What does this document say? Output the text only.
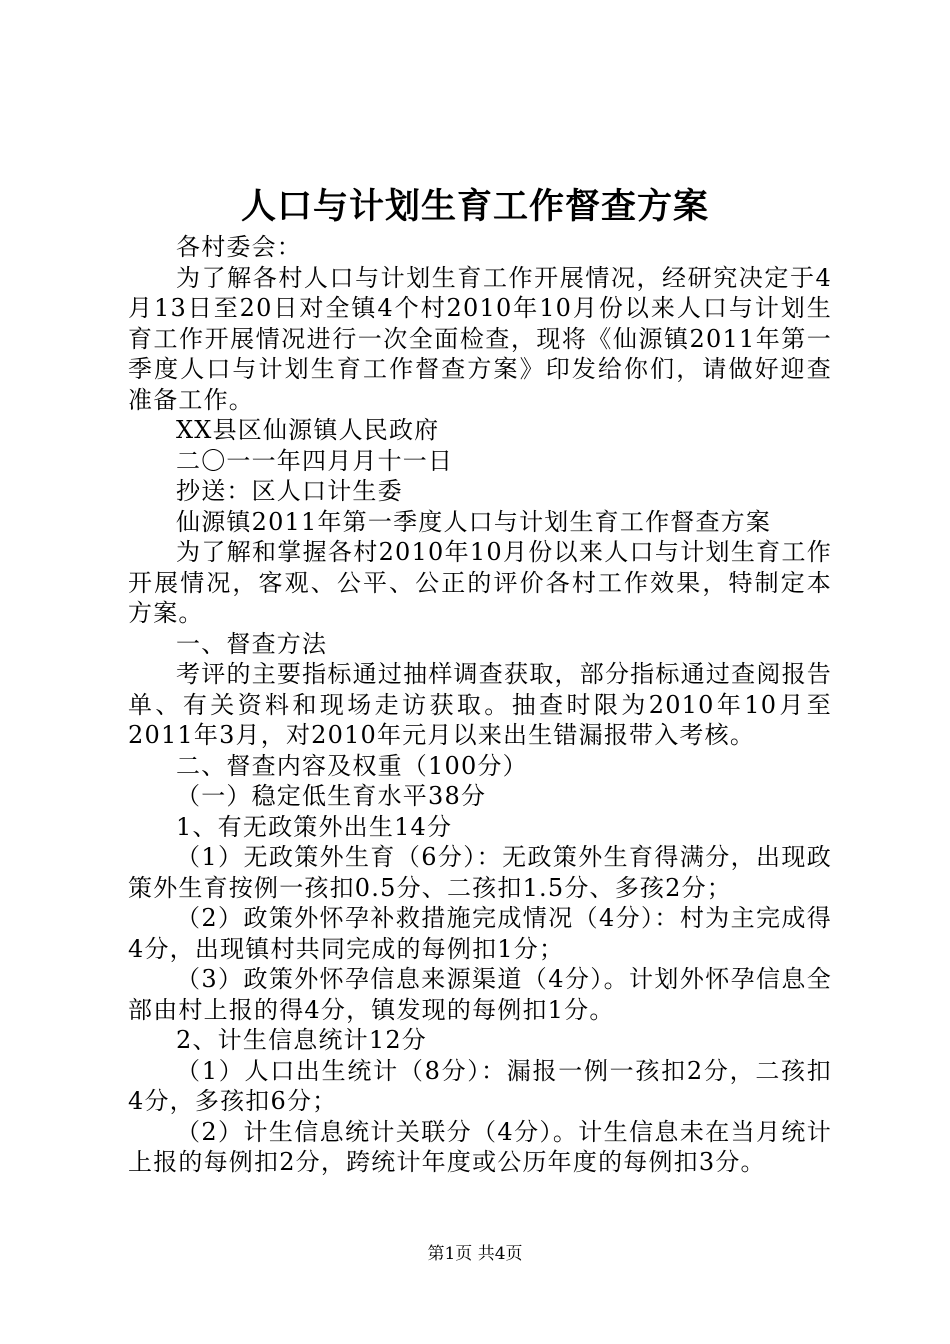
人口与计划生育工作督查方案

各村委会：

为了解各村人口与计划生育工作开展情况，经研究决定于4月13日至20日对全镇4个村2010年10月份以来人口与计划生育工作开展情况进行一次全面检查，现将《仙源镇2011年第一季度人口与计划生育工作督查方案》印发给你们，请做好迎查准备工作。

XX县区仙源镇人民政府

二〇一一年四月月十一日

抄送：区人口计生委

仙源镇2011年第一季度人口与计划生育工作督查方案

为了解和掌握各村2010年10月份以来人口与计划生育工作开展情况，客观、公平、公正的评价各村工作效果，特制定本方案。

一、督查方法

考评的主要指标通过抽样调查获取，部分指标通过查阅报告单、有关资料和现场走访获取。抽查时限为2010年10月至2011年3月，对2010年元月以来出生错漏报带入考核。

二、督查内容及权重（100分）

（一）稳定低生育水平38分

1、有无政策外出生14分

（1）无政策外生育（6分）：无政策外生育得满分，出现政策外生育按例一孩扣0.5分、二孩扣1.5分、多孩2分；

（2）政策外怀孕补救措施完成情况（4分）：村为主完成得4分，出现镇村共同完成的每例扣1分；

（3）政策外怀孕信息来源渠道（4分）。计划外怀孕信息全部由村上报的得4分，镇发现的每例扣1分。

2、计生信息统计12分

（1）人口出生统计（8分）：漏报一例一孩扣2分，二孩扣4分，多孩扣6分；

（2）计生信息统计关联分（4分）。计生信息未在当月统计上报的每例扣2分，跨统计年度或公历年度的每例扣3分。

第1页 共4页
